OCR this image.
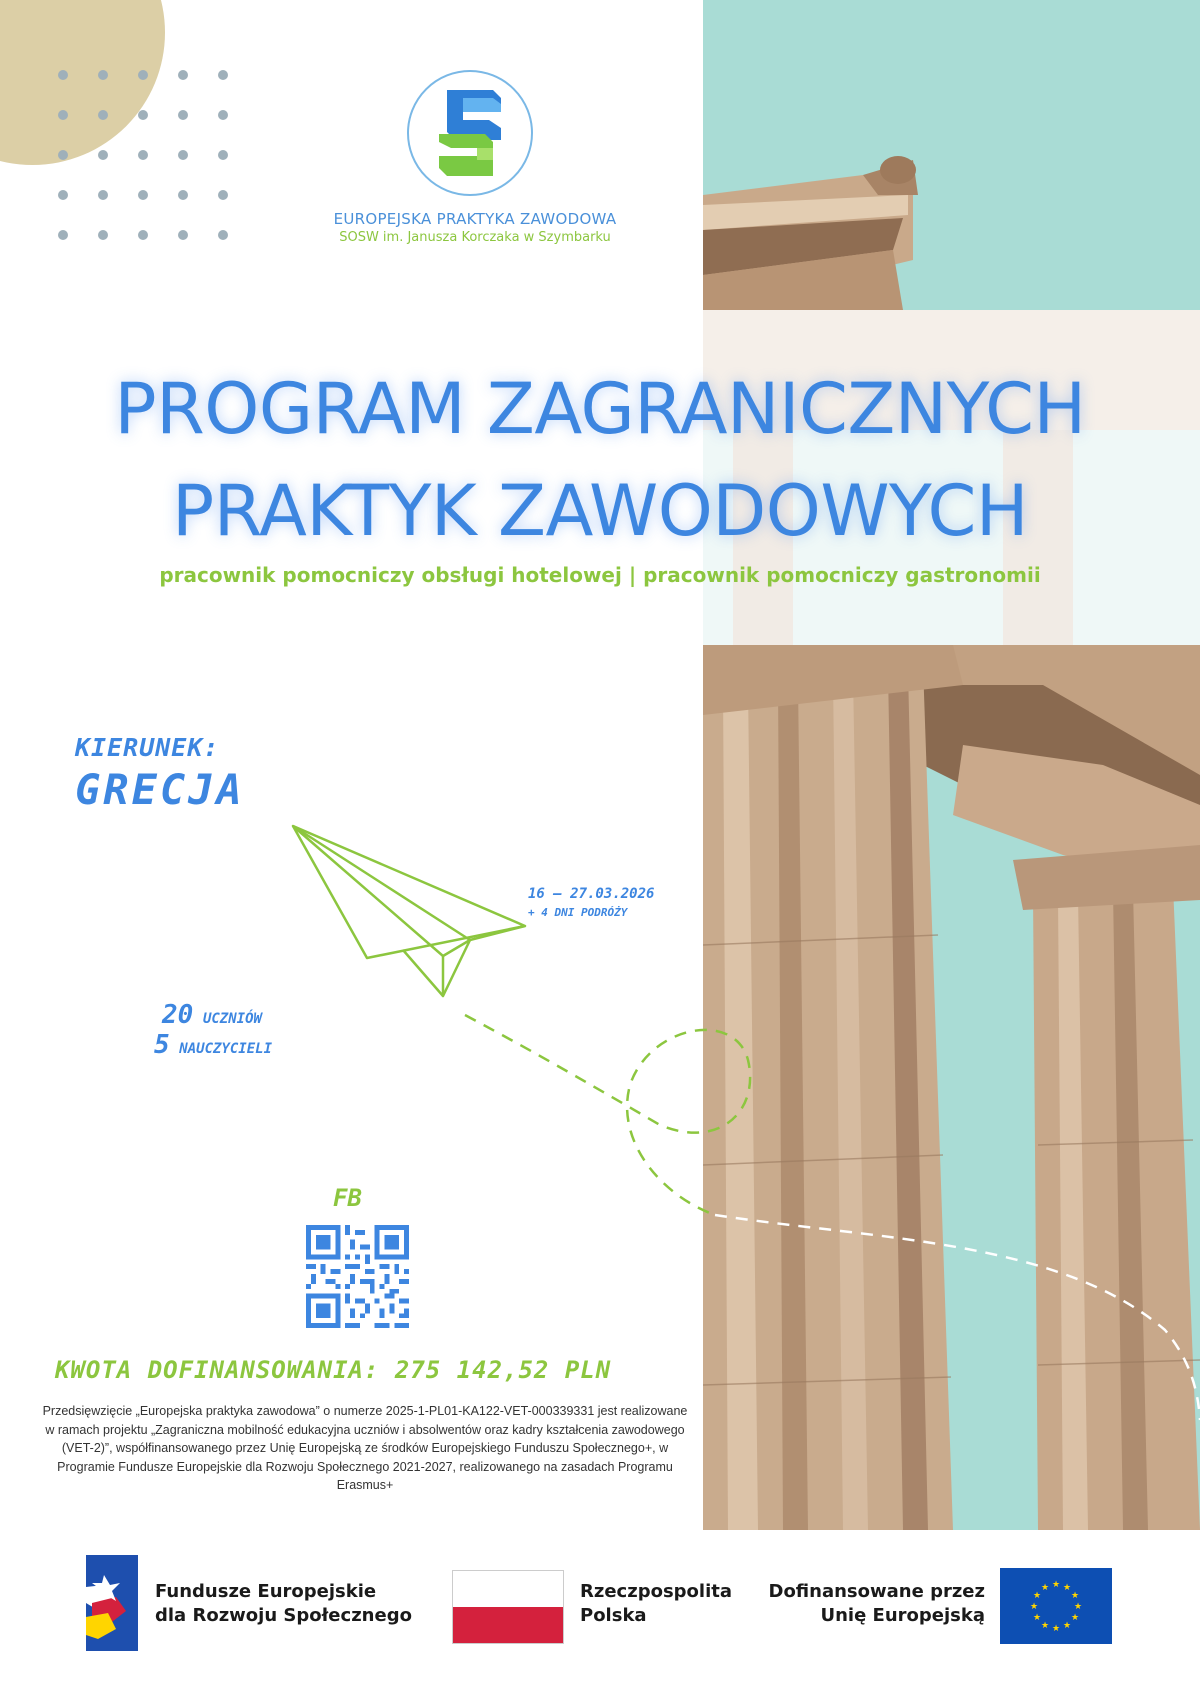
EUROPEJSKA PRAKTYKA ZAWODOWA
SOSW im. Janusza Korczaka w Szymbarku
PROGRAM ZAGRANICZNYCH
PRAKTYK ZAWODOWYCH
pracownik pomocniczy obsługi hotelowej | pracownik pomocniczy gastronomii
KIERUNEK:
GRECJA
16 – 27.03.2026
+ 4 DNI PODRÓŻY
20 UCZNIÓW
5 NAUCZYCIELI
FB
KWOTA DOFINANSOWANIA: 275 142,52 PLN
Przedsięwzięcie „Europejska praktyka zawodowa” o numerze 2025-1-PL01-KA122-VET-000339331 jest realizowane w ramach projektu „Zagraniczna mobilność edukacyjna uczniów i absolwentów oraz kadry kształcenia zawodowego (VET-2)”, współfinansowanego przez Unię Europejską ze środków Europejskiego Funduszu Społecznego+, w Programie Fundusze Europejskie dla Rozwoju Społecznego 2021-2027, realizowanego na zasadach Programu Erasmus+
Fundusze Europejskie
dla Rozwoju Społecznego
Rzeczpospolita
Polska
Dofinansowane przez
Unię Europejską
★ ★
★
★
★
★
★
★
★
★
★
★
